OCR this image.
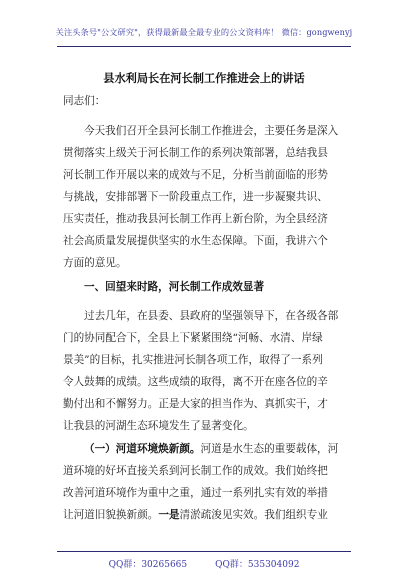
关注头条号"公文研究"，获得最新最全最专业的公文资料库！ 微信：gongwenyj
县水利局长在河长制工作推进会上的讲话
同志们：
今天我们召开全县河长制工作推进会，主要任务是深入
贯彻落实上级关于河长制工作的系列决策部署，总结我县
河长制工作开展以来的成效与不足，分析当前面临的形势
与挑战，安排部署下一阶段重点工作，进一步凝聚共识、
压实责任，推动我县河长制工作再上新台阶，为全县经济
社会高质量发展提供坚实的水生态保障。下面，我讲六个
方面的意见。
一、回望来时路，河长制工作成效显著
过去几年，在县委、县政府的坚强领导下，在各级各部
门的协同配合下，全县上下紧紧围绕“河畅、水清、岸绿
景美”的目标，扎实推进河长制各项工作，取得了一系列
令人鼓舞的成绩。这些成绩的取得，离不开在座各位的辛
勤付出和不懈努力。正是大家的担当作为、真抓实干，才
让我县的河湖生态环境发生了显著变化。
（一）河道环境焕新颜。河道是水生态的重要载体，河
道环境的好坏直接关系到河长制工作的成效。我们始终把
改善河道环境作为重中之重，通过一系列扎实有效的举措
让河道旧貌换新颜。一是清淤疏浚见实效。我们组织专业
QQ群：30265665	QQ群：535304092
